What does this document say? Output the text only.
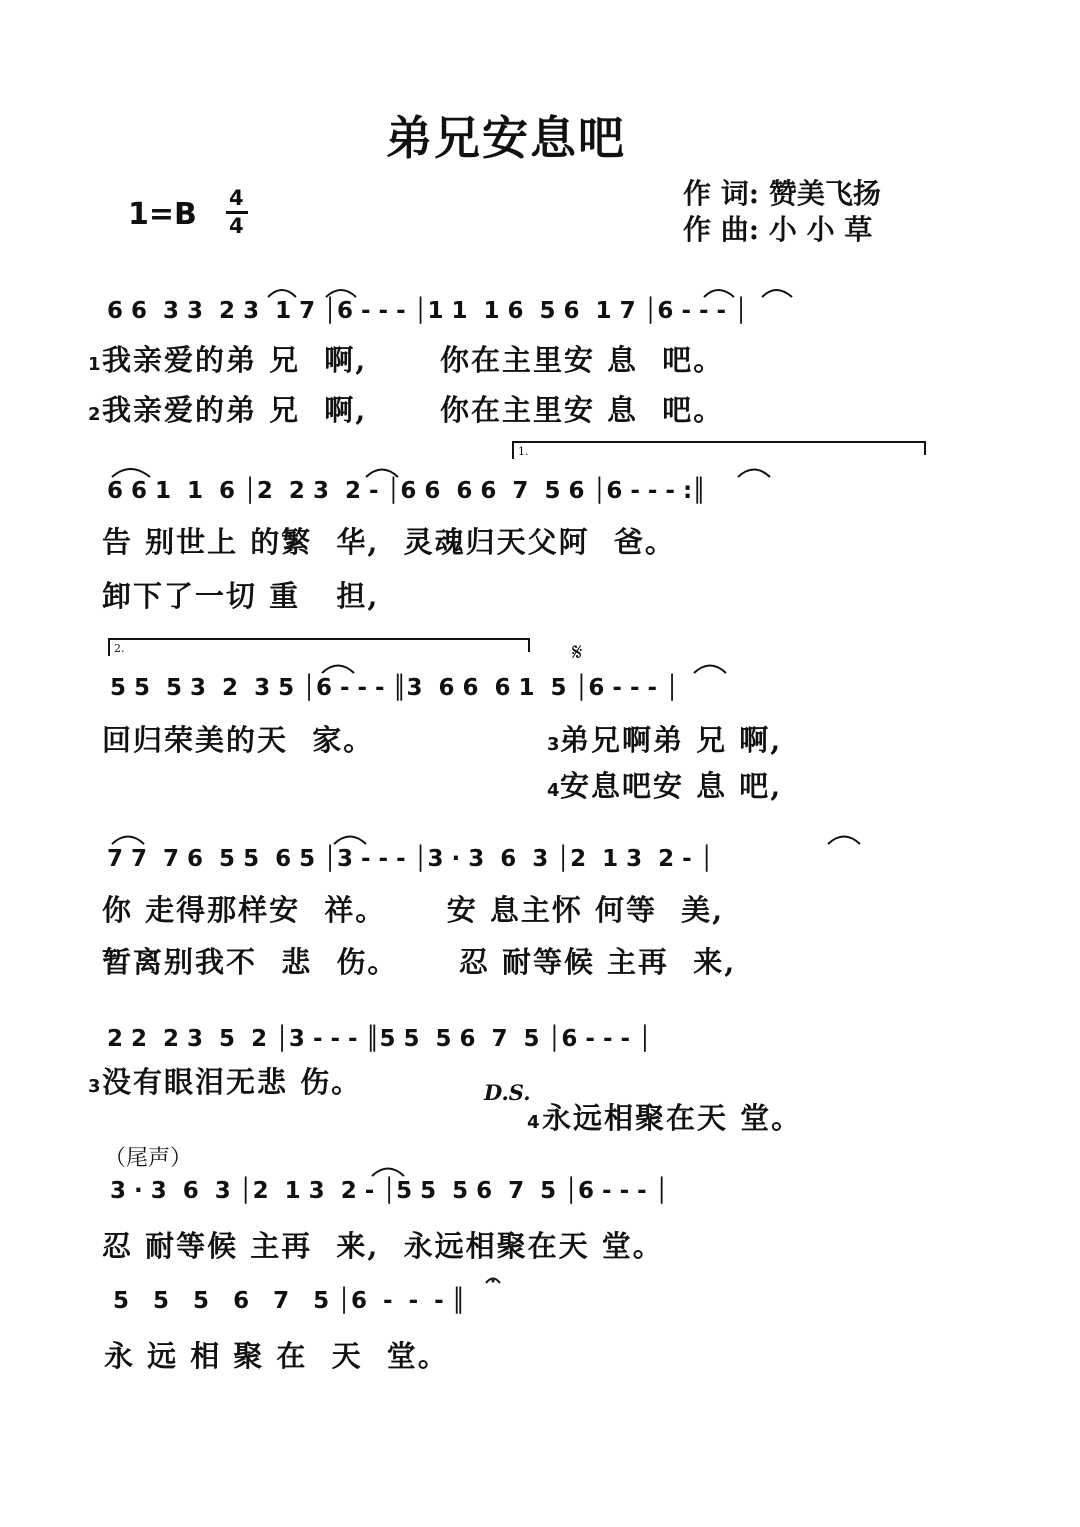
弟兄安息吧
1=B 4
4
作 词: 赞美飞扬
作 曲: 小 小 草
6 6  3 3  2 3  1 7 │6 - - - │1 1  1 6  5 6  1 7 │6 - - - │
1 我亲爱的弟 兄  啊,      你在主里安 息  吧。
2 我亲爱的弟 兄  啊,      你在主里安 息  吧。
1.
6 6 1  1  6 │2  2 3  2 - │6 6  6 6  7  5 6 │6 - - - :║
告 别世上 的繁  华,  灵魂归天父阿  爸。
卸下了一切 重   担,
2.	𝄋
5 5  5 3  2  3 5 │6 - - - ║3  6 6  6 1  5 │6 - - - │
回归荣美的天  家。	3 弟兄啊弟 兄 啊,
4 安息吧安 息 吧,
7 7  7 6  5 5  6 5 │3 - - - │3 · 3  6  3 │2  1 3  2 - │
你 走得那样安  祥。     安 息主怀 何等  美,
暂离别我不  悲  伤。     忍 耐等候 主再  来,
2 2  2 3  5  2 │3 - - - ║5 5  5 6  7  5 │6 - - - │
3 没有眼泪无悲 伤。	D.S.
4 永远相聚在天 堂。
（尾声）
3 · 3  6  3 │2  1 3  2 - │5 5  5 6  7  5 │6 - - - │
忍 耐等候 主再  来,  永远相聚在天 堂。
5   5   5   6   7   5 │6  -  -  - ║
永 远 相 聚 在  天  堂。
